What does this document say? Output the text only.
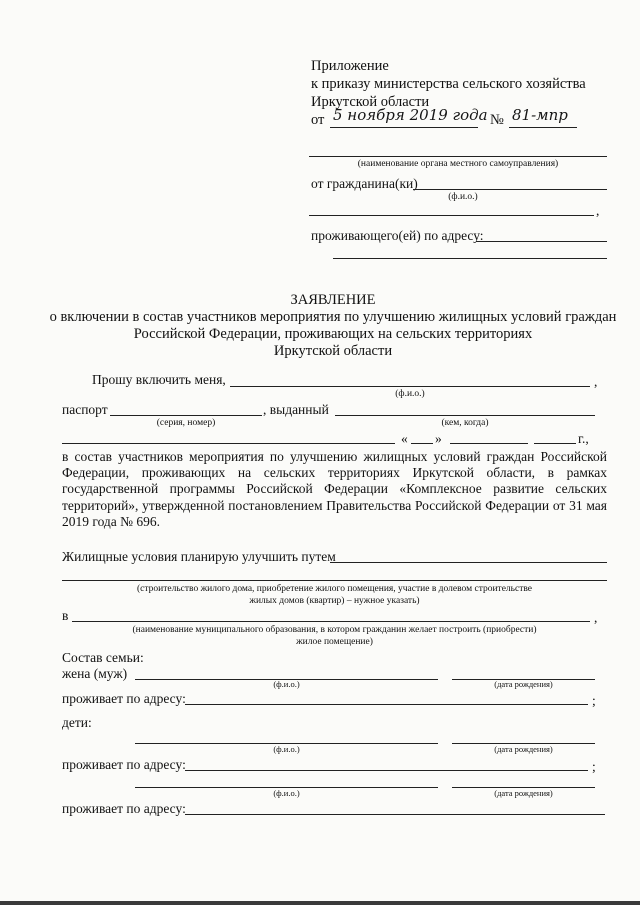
Приложение
к приказу министерства сельского хозяйства
Иркутской области
от 5 ноября 2019 года № 81-мпр
(наименование органа местного самоуправления)
от гражданина(ки)
(ф.и.о.)
,
проживающего(ей) по адресу:
ЗАЯВЛЕНИЕ
о включении в состав участников мероприятия по улучшению жилищных условий граждан
Российской Федерации, проживающих на сельских территориях
Иркутской области
Прошу включить меня,	,
(ф.и.о.)
паспорт	, выданный
(серия, номер)	(кем, когда)
« »	г.,
в состав участников мероприятия по улучшению жилищных условий граждан Российской Федерации, проживающих на сельских территориях Иркутской области, в рамках государственной программы Российской Федерации «Комплексное развитие сельских территорий», утвержденной постановлением Правительства Российской Федерации от 31 мая 2019 года № 696.
Жилищные условия планирую улучшить путем
(строительство жилого дома, приобретение жилого помещения, участие в долевом строительстве
жилых домов (квартир) – нужное указать)
в	,
(наименование муниципального образования, в котором гражданин желает построить (приобрести)
жилое помещение)
Состав семьи:
жена (муж)
(ф.и.о.)	(дата рождения)
проживает по адресу:	;
дети:
(ф.и.о.)	(дата рождения)
проживает по адресу:	;
(ф.и.о.)	(дата рождения)
проживает по адресу:
